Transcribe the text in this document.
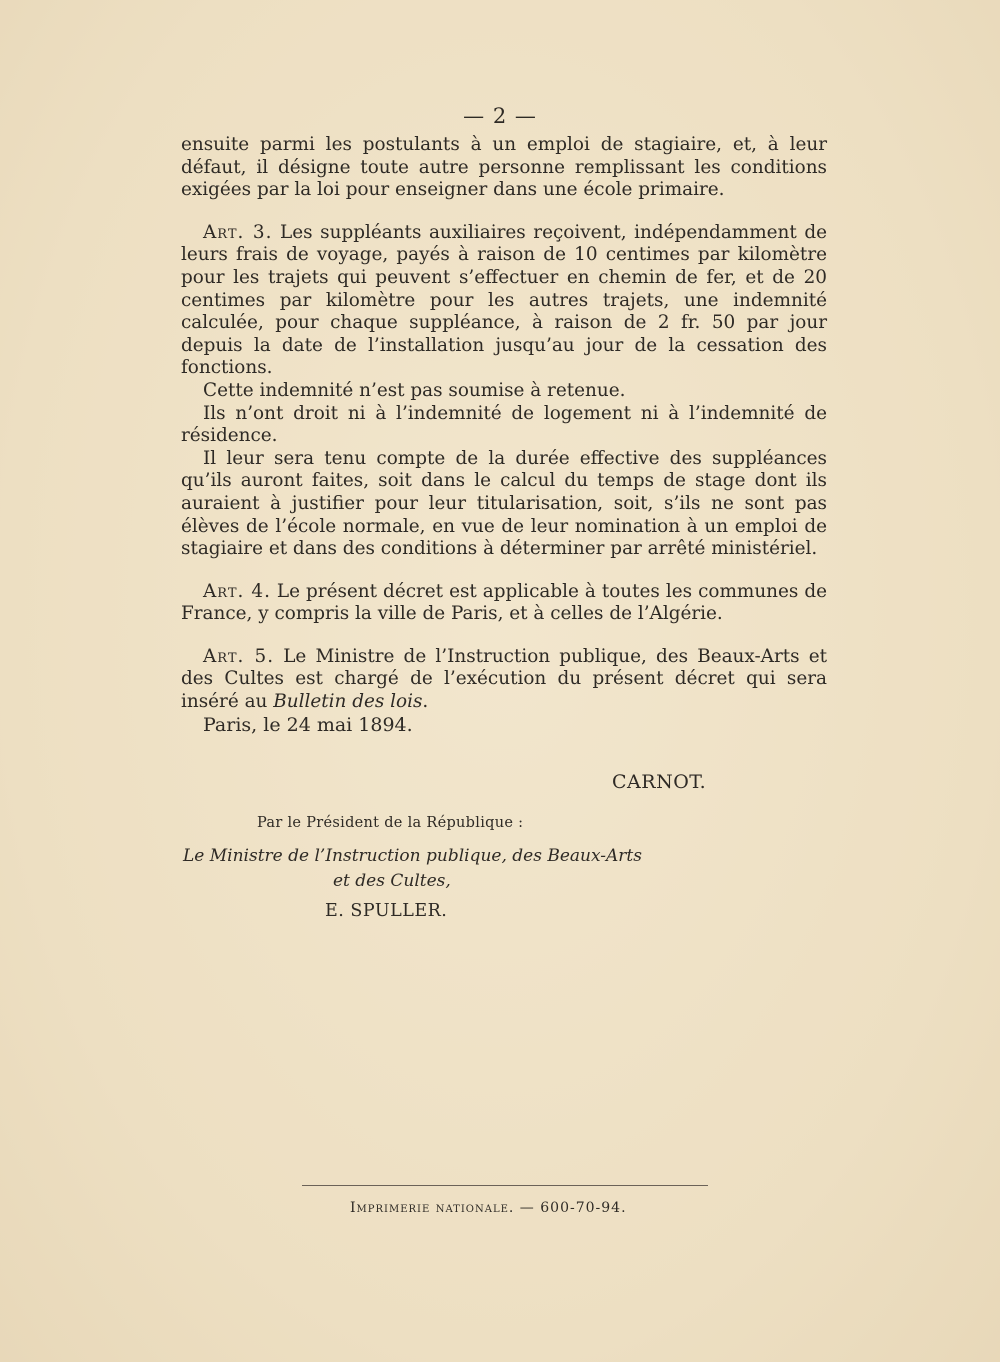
— 2 —

ensuite parmi les postulants à un emploi de stagiaire, et, à leur défaut, il désigne toute autre personne remplissant les conditions exigées par la loi pour enseigner dans une école primaire.

Art. 3. Les suppléants auxiliaires reçoivent, indépendamment de leurs frais de voyage, payés à raison de 10 centimes par kilomètre pour les trajets qui peuvent s’effectuer en chemin de fer, et de 20 centimes par kilomètre pour les autres trajets, une indemnité calculée, pour chaque suppléance, à raison de 2 fr. 50 par jour depuis la date de l’installation jusqu’au jour de la cessation des fonctions.

Cette indemnité n’est pas soumise à retenue.

Ils n’ont droit ni à l’indemnité de logement ni à l’indemnité de résidence.

Il leur sera tenu compte de la durée effective des suppléances qu’ils auront faites, soit dans le calcul du temps de stage dont ils auraient à justifier pour leur titularisation, soit, s’ils ne sont pas élèves de l’école normale, en vue de leur nomination à un emploi de stagiaire et dans des conditions à déterminer par arrêté ministériel.

Art. 4. Le présent décret est applicable à toutes les communes de France, y compris la ville de Paris, et à celles de l’Algérie.

Art. 5. Le Ministre de l’Instruction publique, des Beaux-Arts et des Cultes est chargé de l’exécution du présent décret qui sera inséré au Bulletin des lois.

Paris, le 24 mai 1894.

CARNOT.
Par le Président de la République :
Le Ministre de l’Instruction publique, des Beaux-Arts
et des Cultes,
E. SPULLER.
Imprimerie nationale. — 600-70-94.
